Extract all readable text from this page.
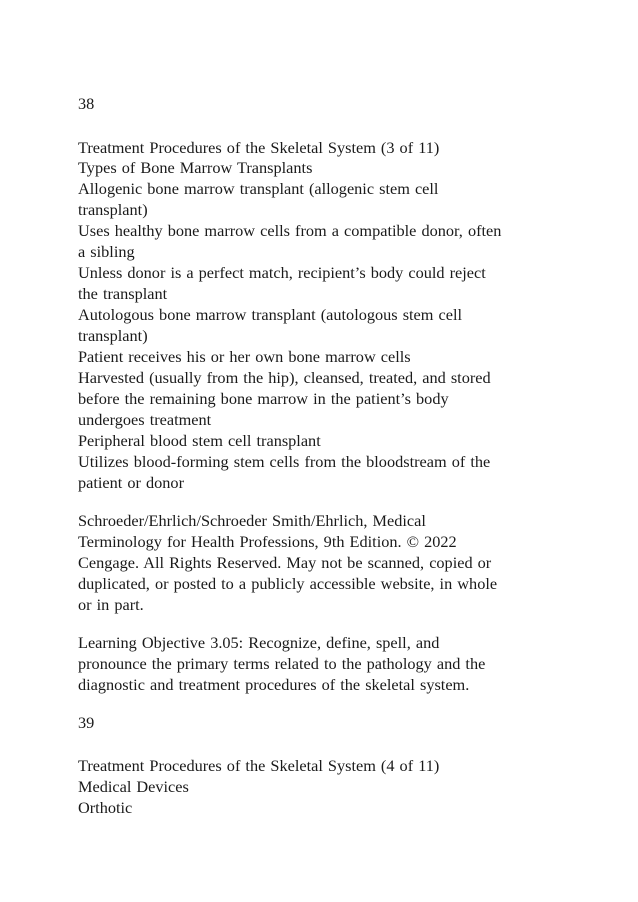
38

Treatment Procedures of the Skeletal System (3 of 11)

Types of Bone Marrow Transplants

Allogenic bone marrow transplant (allogenic stem cell

transplant)

Uses healthy bone marrow cells from a compatible donor, often

a sibling

Unless donor is a perfect match, recipient’s body could reject

the transplant

Autologous bone marrow transplant (autologous stem cell

transplant)

Patient receives his or her own bone marrow cells

Harvested (usually from the hip), cleansed, treated, and stored

before the remaining bone marrow in the patient’s body

undergoes treatment

Peripheral blood stem cell transplant

Utilizes blood-forming stem cells from the bloodstream of the

patient or donor

Schroeder/Ehrlich/Schroeder Smith/Ehrlich, Medical

Terminology for Health Professions, 9th Edition. © 2022

Cengage. All Rights Reserved. May not be scanned, copied or

duplicated, or posted to a publicly accessible website, in whole

or in part.

Learning Objective 3.05: Recognize, define, spell, and

pronounce the primary terms related to the pathology and the

diagnostic and treatment procedures of the skeletal system.

39

Treatment Procedures of the Skeletal System (4 of 11)

Medical Devices

Orthotic
